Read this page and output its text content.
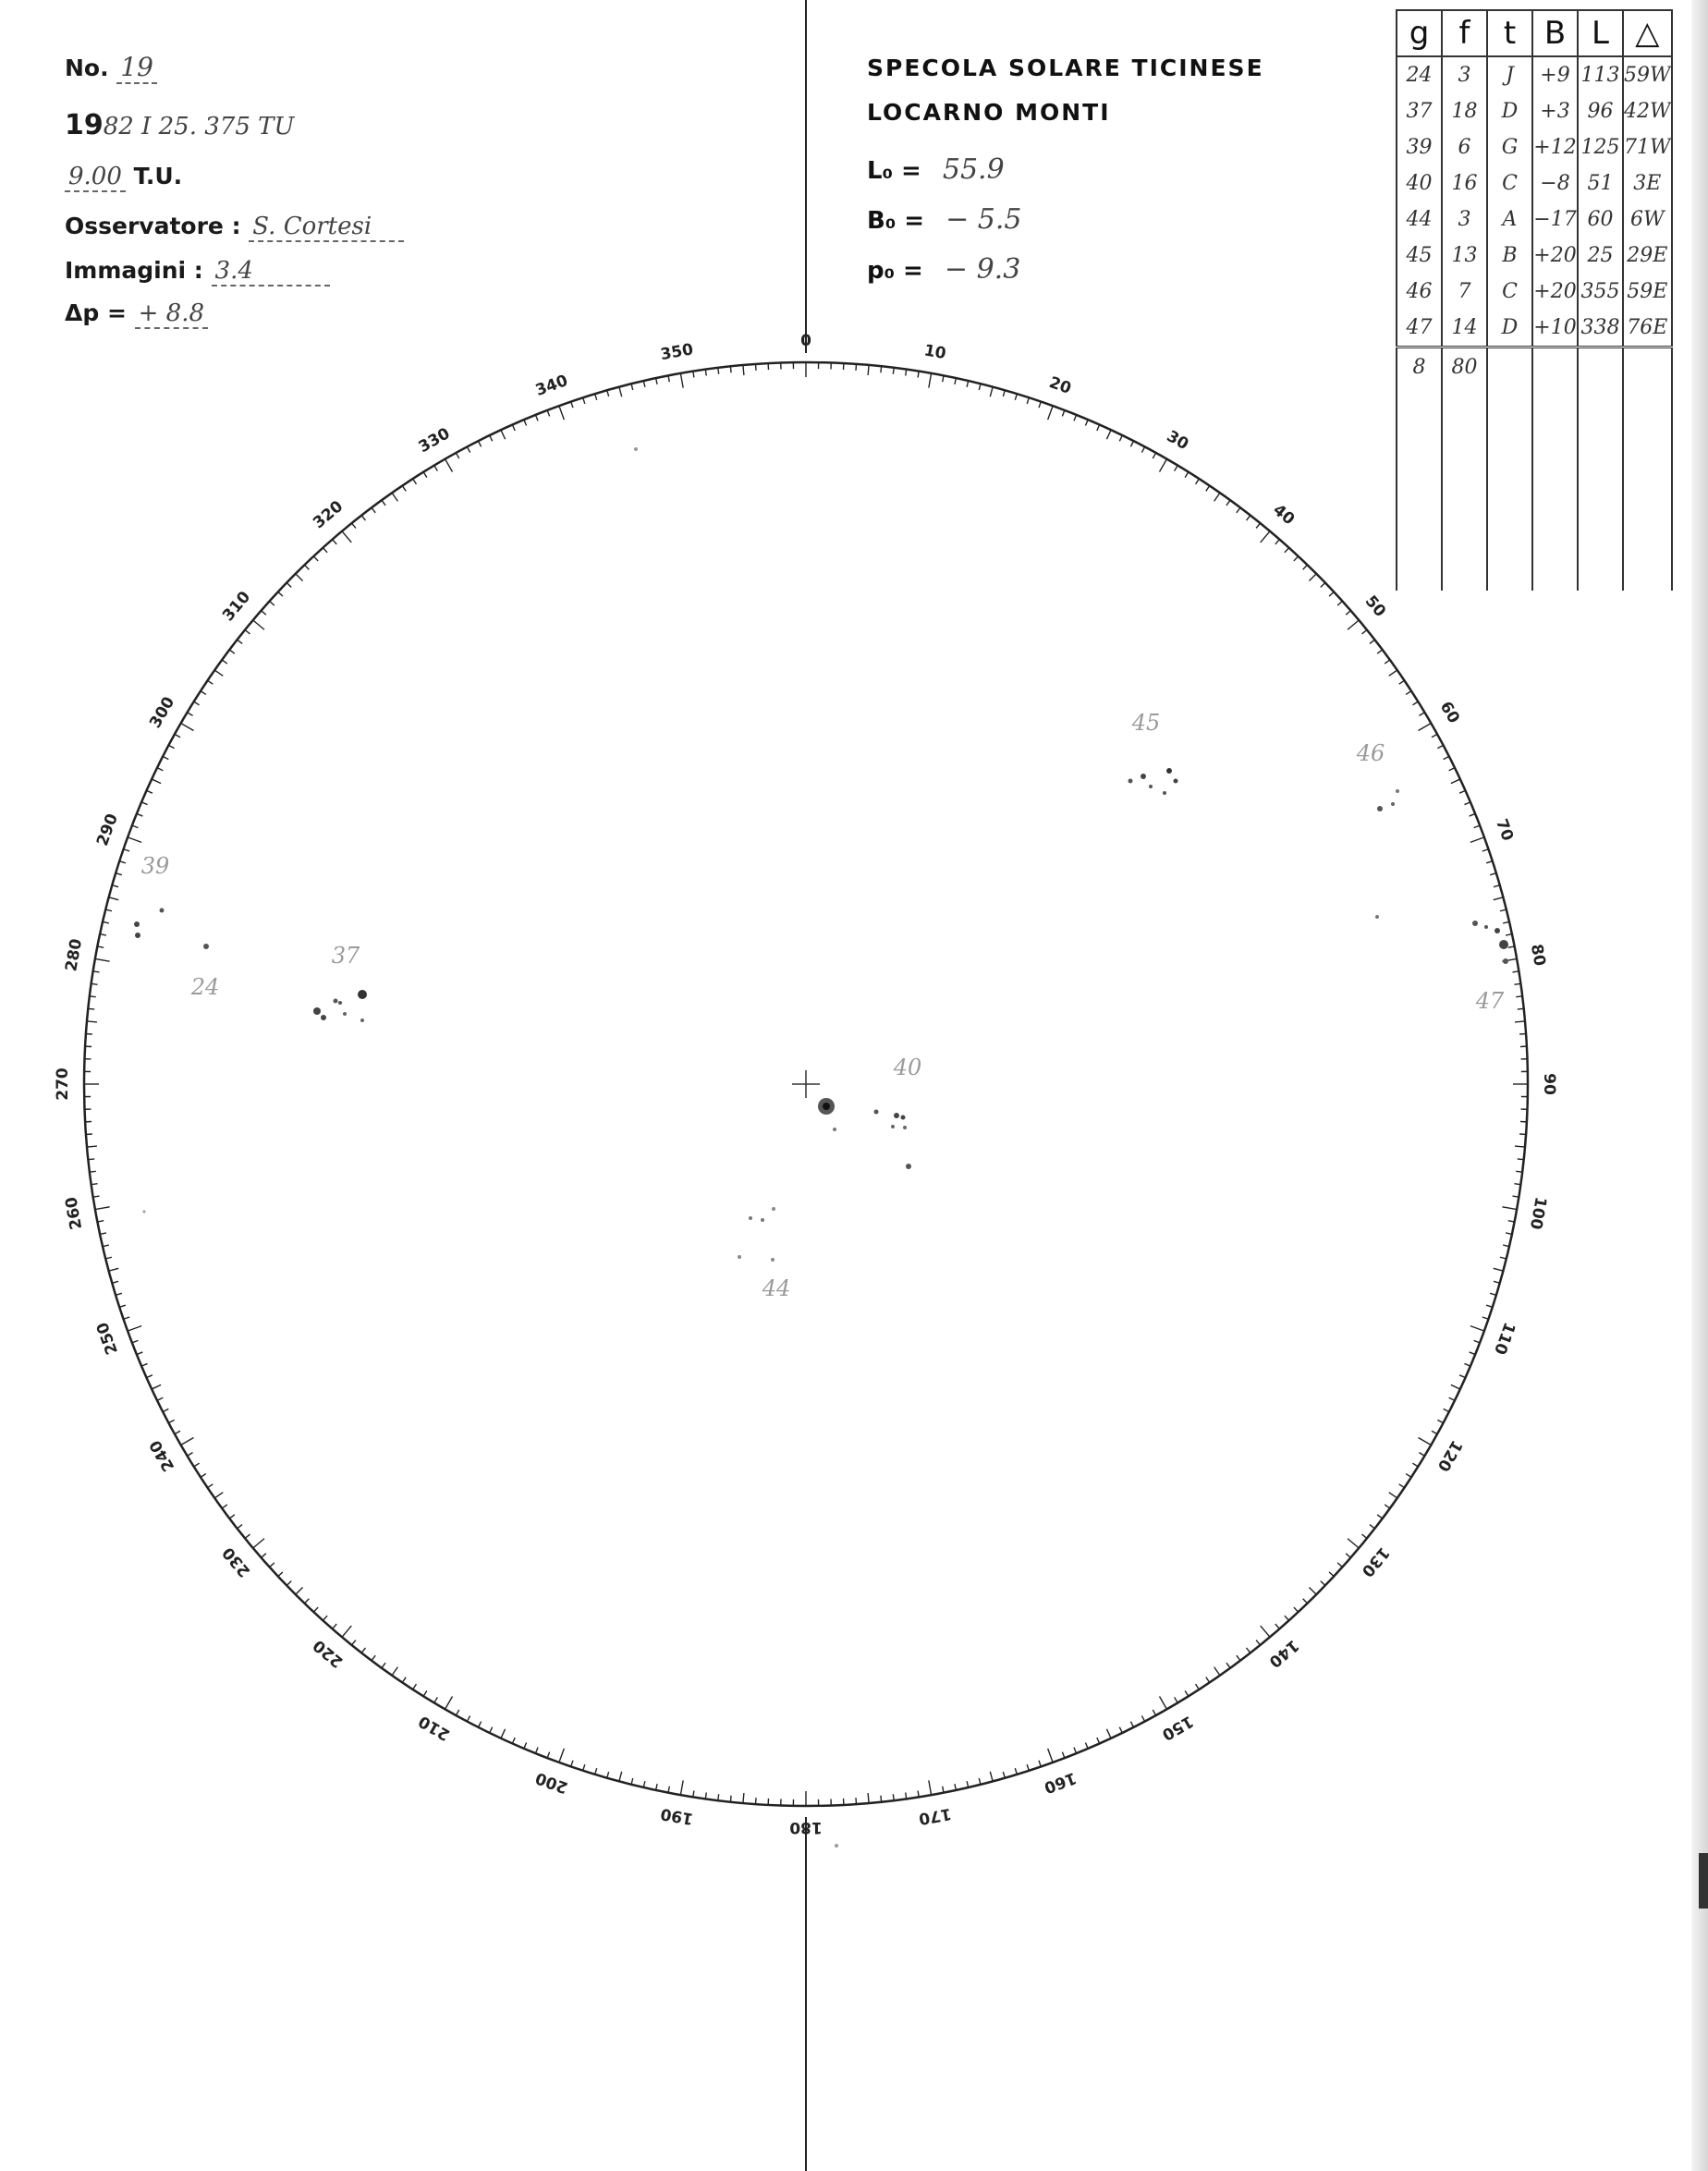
No. 19
1982 I 25. 375 TU
9.00 T.U.
Osservatore : S. Cortesi
Immagini : 3.4
Δp = + 8.8
SPECOLA SOLARE TICINESE
LOCARNO MONTI
L₀ = 55.9
B₀ = − 5.5
p₀ = − 9.3
g	f	t	B	L	△
24	3	J	+9	113	59W
37	18	D	+3	96	42W
39	6	G	+12	125	71W
40	16	C	−8	51	3E
44	3	A	−17	60	6W
45	13	B	+20	25	29E
46	7	C	+20	355	59E
47	14	D	+10	338	76E
8	80				

0
10
20
30
40
50
60
70
80
90
100
110
120
130
140
150
160
170
180
190
200
210
220
230
240
250
260
270
280
290
300
310
320
330
340
350
45
46
39
37
24
47
40
44
